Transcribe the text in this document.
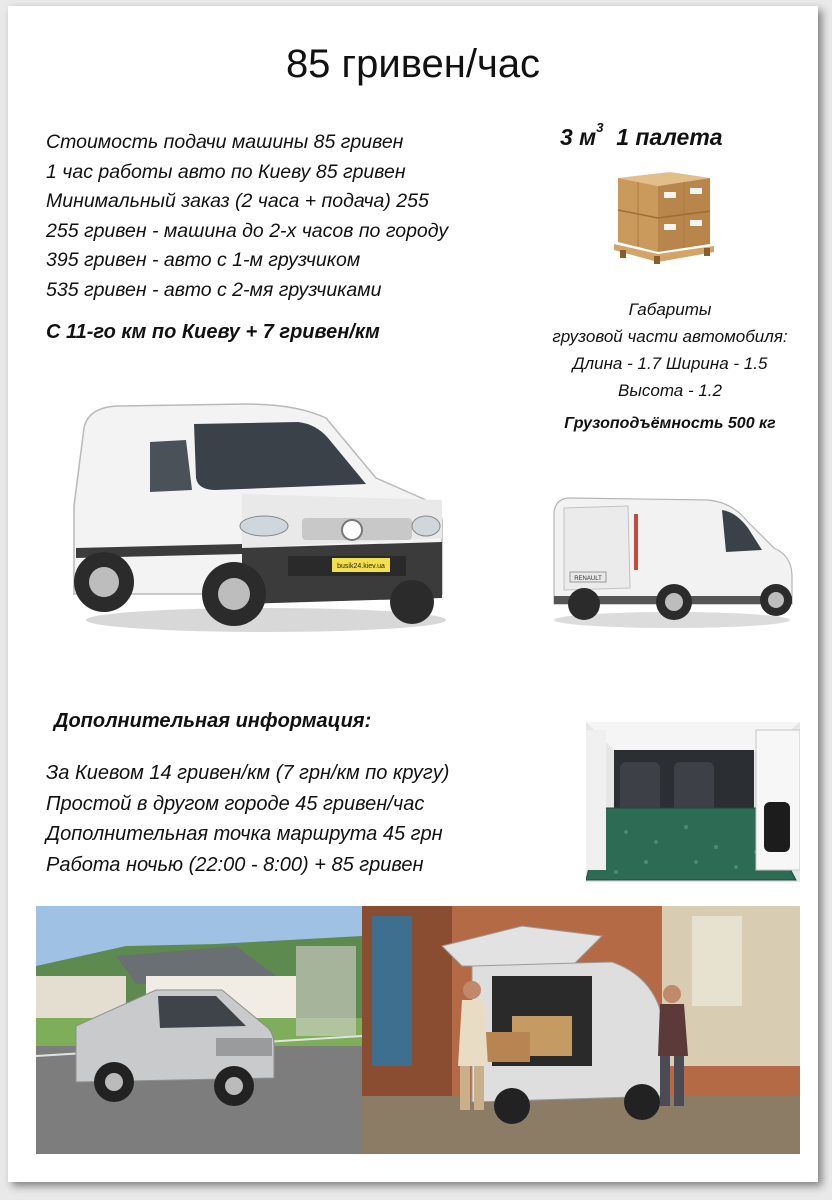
85 гривен/час
Стоимость подачи машины 85 гривен
1 час работы авто по Киеву 85 гривен
Минимальный заказ (2 часа + подача) 255
255 гривен - машина до 2-х часов по городу
395 гривен - авто с 1-м грузчиком
535 гривен - авто с 2-мя грузчиками
С 11-го км по Киеву + 7 гривен/км
3 $м^3$ 1 палета
Габариты
грузовой части автомобиля:
Длина - 1.7 Ширина - 1.5
Высота - 1.2
Грузоподъёмность 500 кг
busik24.kiev.ua
RENAULT
Дополнительная информация:
За Киевом 14 гривен/км (7 грн/км по кругу)
Простой в другом городе 45 гривен/час
Дополнительная точка маршрута 45 грн
Работа ночью (22:00 - 8:00) + 85 гривен
